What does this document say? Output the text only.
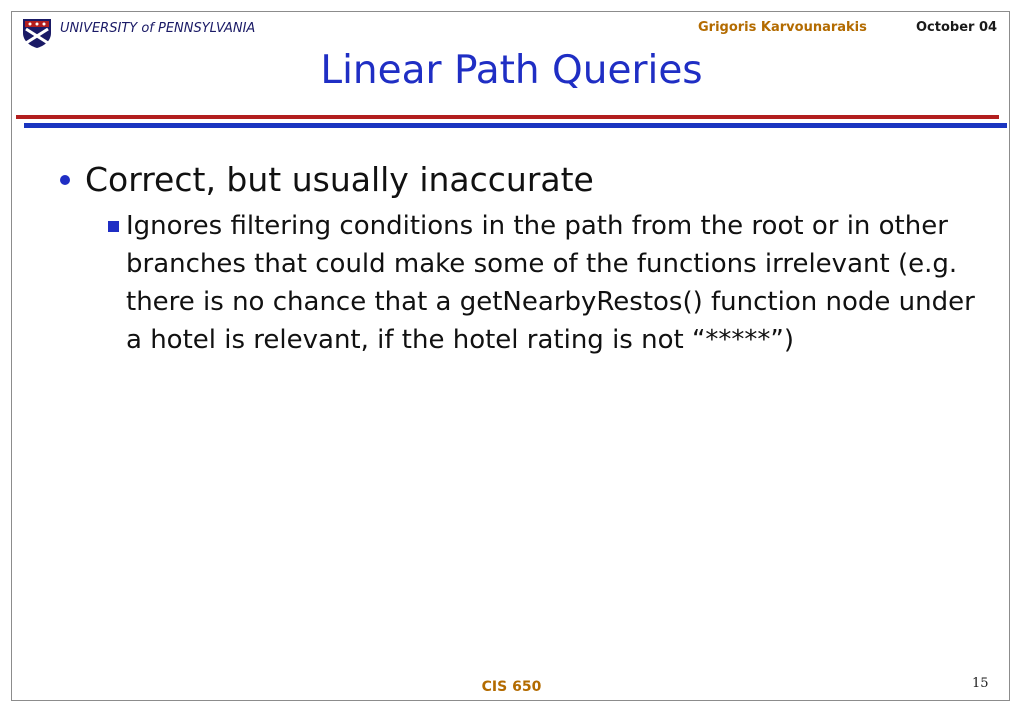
UNIVERSITY of PENNSYLVANIA	Grigoris Karvounarakis	October 04
Linear Path Queries
Correct, but usually inaccurate
Ignores filtering conditions in the path from the root or in other branches that could make some of the functions irrelevant (e.g. there is no chance that a getNearbyRestos() function node under a hotel is relevant, if the hotel rating is not “*****”)
CIS 650	15
